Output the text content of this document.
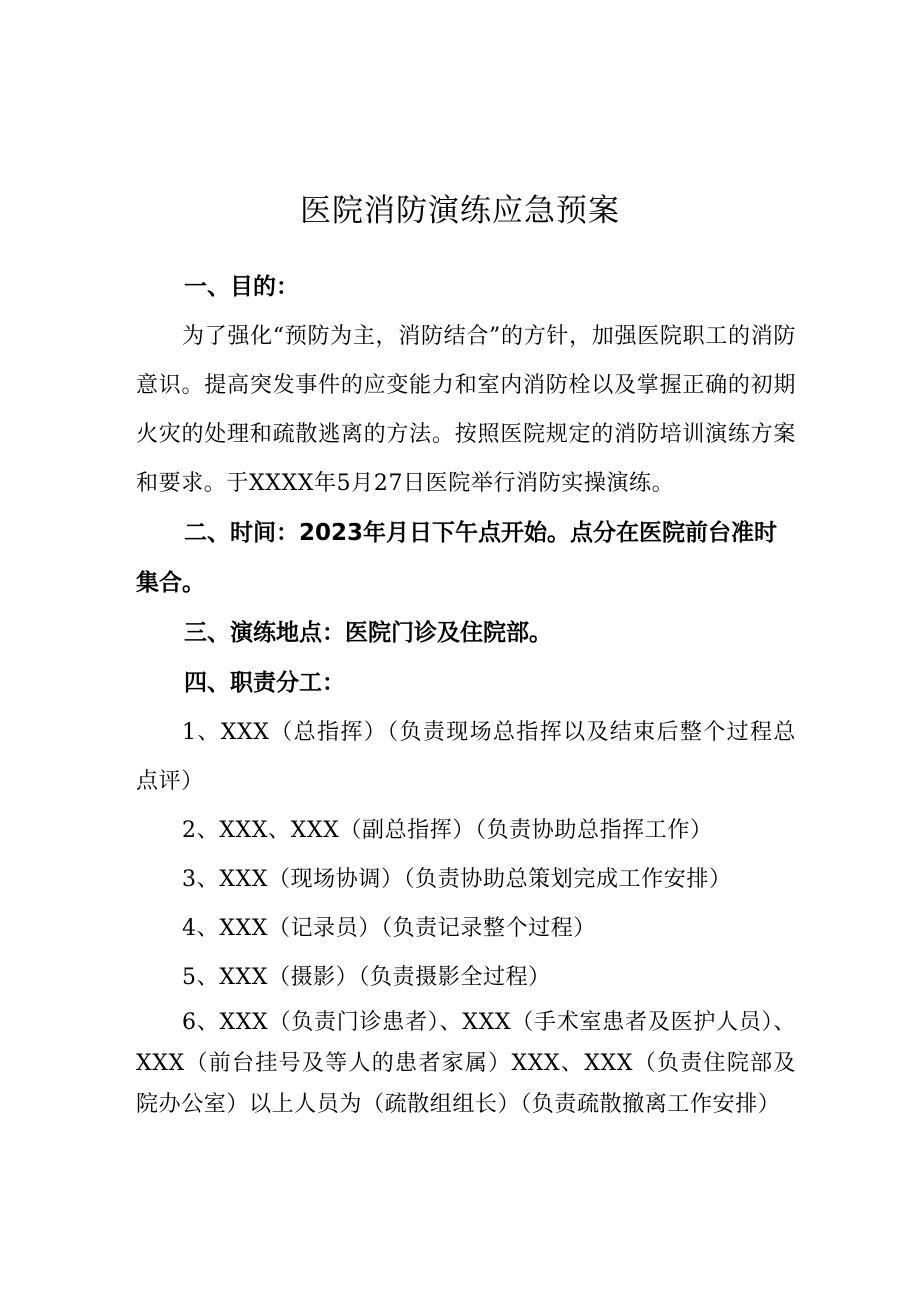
医院消防演练应急预案

一、目的：

为了强化“预防为主，消防结合”的方针，加强医院职工的消防意识。提高突发事件的应变能力和室内消防栓以及掌握正确的初期火灾的处理和疏散逃离的方法。按照医院规定的消防培训演练方案和要求。于XXXX年5月27日医院举行消防实操演练。

二、时间：2023年月日下午点开始。点分在医院前台准时集合。

三、演练地点：医院门诊及住院部。

四、职责分工：

1、XXX（总指挥）（负责现场总指挥以及结束后整个过程总点评）

2、XXX、XXX（副总指挥）（负责协助总指挥工作）

3、XXX（现场协调）（负责协助总策划完成工作安排）

4、XXX（记录员）（负责记录整个过程）

5、XXX（摄影）（负责摄影全过程）

6、XXX（负责门诊患者）、XXX（手术室患者及医护人员）、XXX（前台挂号及等人的患者家属）XXX、XXX（负责住院部及院办公室）以上人员为（疏散组组长）（负责疏散撤离工作安排）
